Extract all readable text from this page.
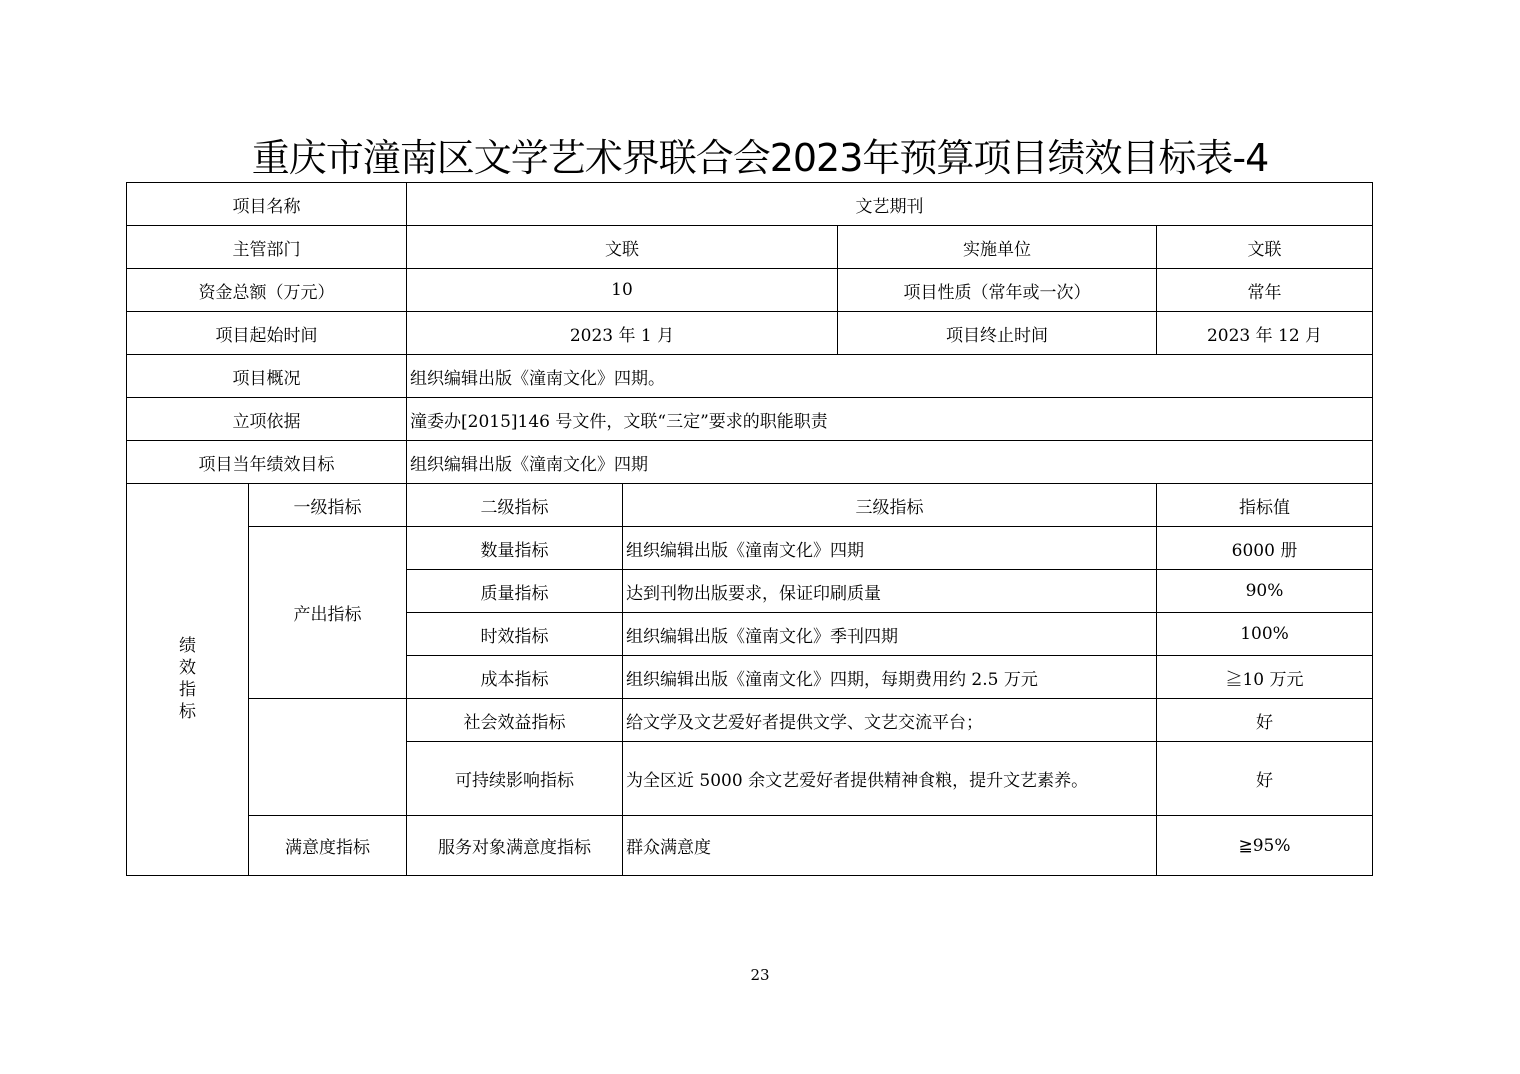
重庆市潼南区文学艺术界联合会2023年预算项目绩效目标表-4
项目名称		文艺期刊			
主管部门		文联		实施单位	文联
资金总额（万元）		10		项目性质（常年或一次）	常年
项目起始时间		2023 年 1 月		项目终止时间	2023 年 12 月
项目概况		组织编辑出版《潼南文化》四期。			
立项依据		潼委办[2015]146 号文件，文联“三定”要求的职能职责			
项目当年绩效目标		组织编辑出版《潼南文化》四期			
绩效指标	一级指标	二级指标	三级指标		指标值
	产出指标	数量指标	组织编辑出版《潼南文化》四期		6000 册
		质量指标	达到刊物出版要求，保证印刷质量		90%
		时效指标	组织编辑出版《潼南文化》季刊四期		100%
		成本指标	组织编辑出版《潼南文化》四期，每期费用约 2.5 万元		≧10 万元
		社会效益指标	给文学及文艺爱好者提供文学、文艺交流平台；		好
		可持续影响指标	为全区近 5000 余文艺爱好者提供精神食粮，提升文艺素养。		好
	满意度指标	服务对象满意度指标	群众满意度		≧95%
23
